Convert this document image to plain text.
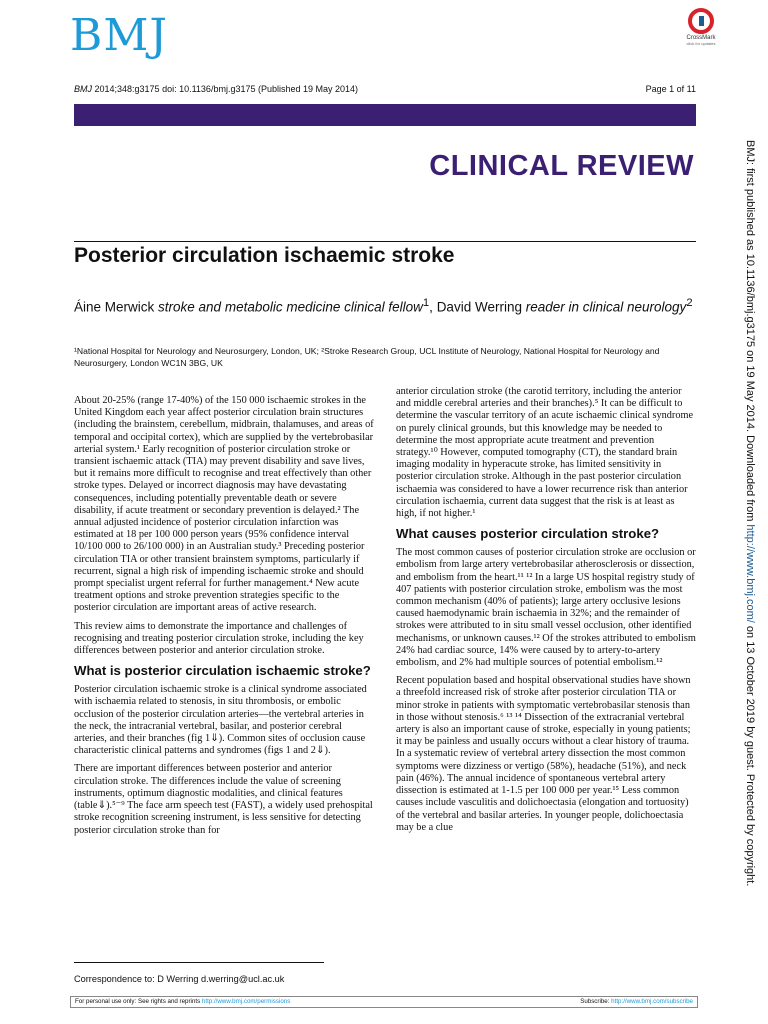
BMJ	CrossMark
click for updates
BMJ 2014;348:g3175 doi: 10.1136/bmj.g3175 (Published 19 May 2014)	Page 1 of 11
CLINICAL REVIEW
Posterior circulation ischaemic stroke
Áine Merwick stroke and metabolic medicine clinical fellow$^1$, David Werring reader in clinical neurology$^2$
¹National Hospital for Neurology and Neurosurgery, London, UK; ²Stroke Research Group, UCL Institute of Neurology, National Hospital for Neurology and Neurosurgery, London WC1N 3BG, UK

About 20-25% (range 17-40%) of the 150 000 ischaemic strokes in the United Kingdom each year affect posterior circulation brain structures (including the brainstem, cerebellum, midbrain, thalamuses, and areas of temporal and occipital cortex), which are supplied by the vertebrobasilar arterial system.¹ Early recognition of posterior circulation stroke or transient ischaemic attack (TIA) may prevent disability and save lives, but it remains more difficult to recognise and treat effectively than other stroke types. Delayed or incorrect diagnosis may have devastating consequences, including potentially preventable death or severe disability, if acute treatment or secondary prevention is delayed.² The annual adjusted incidence of posterior circulation infarction was estimated at 18 per 100 000 person years (95% confidence interval 10/100 000 to 26/100 000) in an Australian study.³ Preceding posterior circulation TIA or other transient brainstem symptoms, particularly if recurrent, signal a high risk of impending ischaemic stroke and should prompt specialist urgent referral for further management.⁴ New acute treatment options and stroke prevention strategies specific to the posterior circulation are important areas of active research.

This review aims to demonstrate the importance and challenges of recognising and treating posterior circulation stroke, including the key differences between posterior and anterior circulation stroke.

What is posterior circulation ischaemic stroke?

Posterior circulation ischaemic stroke is a clinical syndrome associated with ischaemia related to stenosis, in situ thrombosis, or embolic occlusion of the posterior circulation arteries—the vertebral arteries in the neck, the intracranial vertebral, basilar, and posterior cerebral arteries, and their branches (fig 1⇓). Common sites of occlusion cause characteristic clinical patterns and syndromes (figs 1 and 2⇓).

There are important differences between posterior and anterior circulation stroke. The differences include the value of screening instruments, optimum diagnostic modalities, and clinical features (table⇓).⁵⁻⁹ The face arm speech test (FAST), a widely used prehospital stroke recognition screening instrument, is less sensitive for detecting posterior circulation stroke than for

anterior circulation stroke (the carotid territory, including the anterior and middle cerebral arteries and their branches).⁵ It can be difficult to determine the vascular territory of an acute ischaemic clinical syndrome on purely clinical grounds, but this knowledge may be needed to determine the most appropriate acute treatment and prevention strategy.¹⁰ However, computed tomography (CT), the standard brain imaging modality in hyperacute stroke, has limited sensitivity in posterior circulation stroke. Although in the past posterior circulation ischaemia was considered to have a lower recurrence risk than anterior circulation ischaemia, current data suggest that the risk is at least as high, if not higher.¹

What causes posterior circulation stroke?

The most common causes of posterior circulation stroke are occlusion or embolism from large artery vertebrobasilar atherosclerosis or dissection, and embolism from the heart.¹¹ ¹² In a large US hospital registry study of 407 patients with posterior circulation stroke, embolism was the most common mechanism (40% of patients); large artery occlusive lesions caused haemodynamic brain ischaemia in 32%; and the remainder of strokes were attributed to in situ small vessel occlusion, other identified mechanisms, or unknown causes.¹² Of the strokes attributed to embolism 24% had cardiac source, 14% were caused by to artery-to-artery embolism, and 2% had multiple sources of potential embolism.¹²

Recent population based and hospital observational studies have shown a threefold increased risk of stroke after posterior circulation TIA or minor stroke in patients with symptomatic vertebrobasilar stenosis than in those without stenosis.⁶ ¹³ ¹⁴ Dissection of the extracranial vertebral artery is also an important cause of stroke, especially in young patients; it may be painless and usually occurs without a clear history of trauma. In a systematic review of vertebral artery dissection the most common symptoms were dizziness or vertigo (58%), headache (51%), and neck pain (46%). The annual incidence of spontaneous vertebral artery dissection is estimated at 1-1.5 per 100 000 per year.¹⁵ Less common causes include vasculitis and dolichoectasia (elongation and tortuosity) of the vertebral and basilar arteries. In younger people, dolichoectasia may be a clue

Correspondence to: D Werring d.werring@ucl.ac.uk
For personal use only: See rights and reprints http://www.bmj.com/permissions	Subscribe: http://www.bmj.com/subscribe
BMJ: first published as 10.1136/bmj.g3175 on 19 May 2014. Downloaded from http://www.bmj.com/ on 13 October 2019 by guest. Protected by copyright.
